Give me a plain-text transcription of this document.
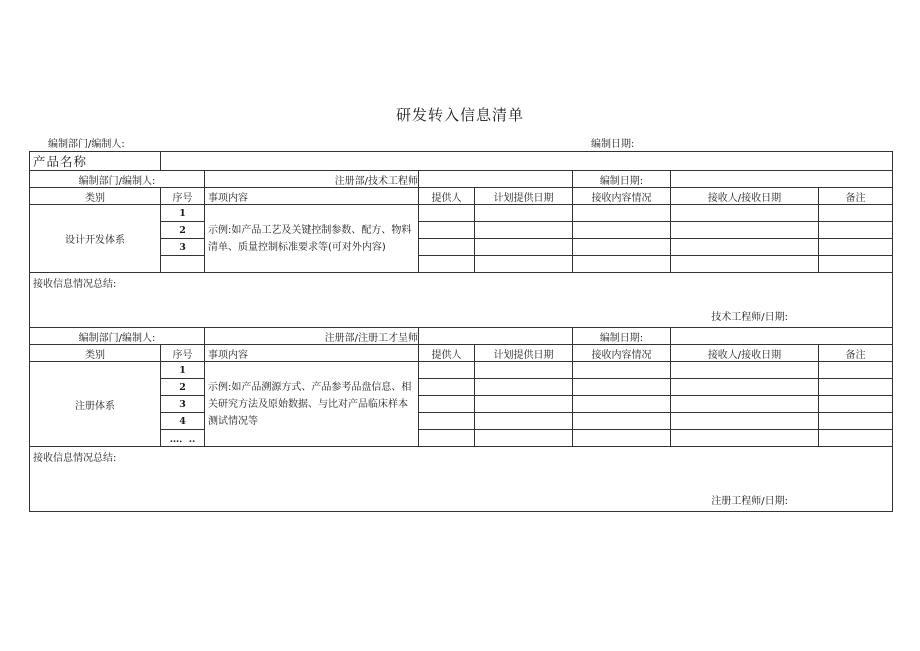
研发转入信息清单
编制部门/编制人:	编制日期:
产品名称							
编制部门/编制人:		注册部/技术工程师			编制日期:		
类别	序号	事项内容	提供人	计划提供日期	接收内容情况	接收人/接收日期	备注
设计开发体系	1	示例:如产品工艺及关键控制参数、配方、物料清单、质量控制标准要求等(可对外内容)					
	2						
	3						

接收信息情况总结:
技术工程师/日期:							

编制部门/编制人:		注册部/注册工才呈师			编制日期:		
类别	序号	事项内容	提供人	计划提供日期	接收内容情况	接收人/接收日期	备注
注册体系	1	示例:如产品溯源方式、产品参考品盘信息、相关研究方法及原始数据、与比对产品临床样本测试情况等					
	2						
	3						
	4						
	…．..						
接收信息情况总结:
注册工程师/日期:							
